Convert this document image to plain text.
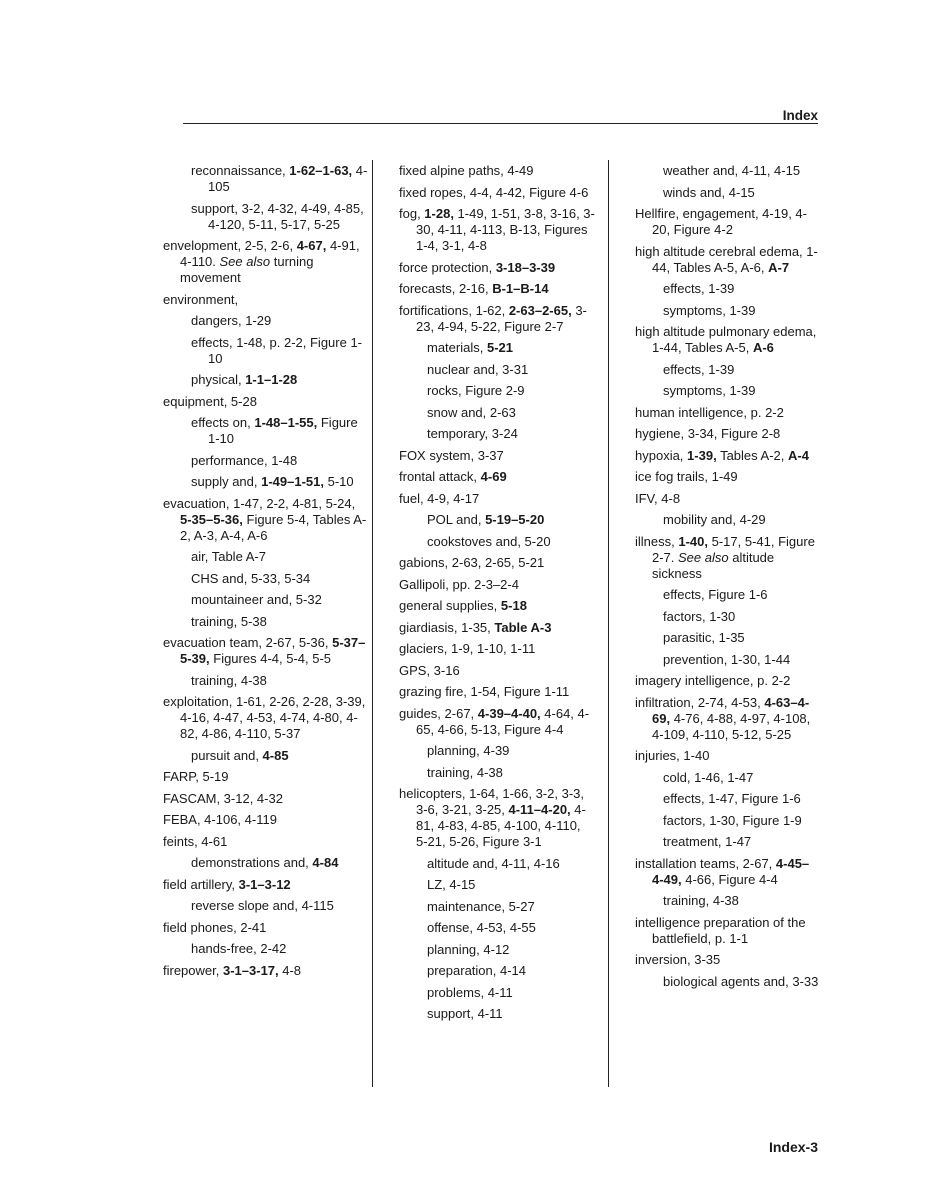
Index
reconnaissance, 1-62–1-63, 4-105
support, 3-2, 4-32, 4-49, 4-85, 4-120, 5-11, 5-17, 5-25
envelopment, 2-5, 2-6, 4-67, 4-91, 4-110. See also turning movement
environment,
dangers, 1-29
effects, 1-48, p. 2-2, Figure 1-10
physical, 1-1–1-28
equipment, 5-28
effects on, 1-48–1-55, Figure 1-10
performance, 1-48
supply and, 1-49–1-51, 5-10
evacuation, 1-47, 2-2, 4-81, 5-24, 5-35–5-36, Figure 5-4, Tables A-2, A-3, A-4, A-6
air, Table A-7
CHS and, 5-33, 5-34
mountaineer and, 5-32
training, 5-38
evacuation team, 2-67, 5-36, 5-37–5-39, Figures 4-4, 5-4, 5-5
training, 4-38
exploitation, 1-61, 2-26, 2-28, 3-39, 4-16, 4-47, 4-53, 4-74, 4-80, 4-82, 4-86, 4-110, 5-37
pursuit and, 4-85
FARP, 5-19
FASCAM, 3-12, 4-32
FEBA, 4-106, 4-119
feints, 4-61
demonstrations and, 4-84
field artillery, 3-1–3-12
reverse slope and, 4-115
field phones, 2-41
hands-free, 2-42
firepower, 3-1–3-17, 4-8
fixed alpine paths, 4-49
fixed ropes, 4-4, 4-42, Figure 4-6
fog, 1-28, 1-49, 1-51, 3-8, 3-16, 3-30, 4-11, 4-113, B-13, Figures 1-4, 3-1, 4-8
force protection, 3-18–3-39
forecasts, 2-16, B-1–B-14
fortifications, 1-62, 2-63–2-65, 3-23, 4-94, 5-22, Figure 2-7
materials, 5-21
nuclear and, 3-31
rocks, Figure 2-9
snow and, 2-63
temporary, 3-24
FOX system, 3-37
frontal attack, 4-69
fuel, 4-9, 4-17
POL and, 5-19–5-20
cookstoves and, 5-20
gabions, 2-63, 2-65, 5-21
Gallipoli, pp. 2-3–2-4
general supplies, 5-18
giardiasis, 1-35, Table A-3
glaciers, 1-9, 1-10, 1-11
GPS, 3-16
grazing fire, 1-54, Figure 1-11
guides, 2-67, 4-39–4-40, 4-64, 4-65, 4-66, 5-13, Figure 4-4
planning, 4-39
training, 4-38
helicopters, 1-64, 1-66, 3-2, 3-3, 3-6, 3-21, 3-25, 4-11–4-20, 4-81, 4-83, 4-85, 4-100, 4-110, 5-21, 5-26, Figure 3-1
altitude and, 4-11, 4-16
LZ, 4-15
maintenance, 5-27
offense, 4-53, 4-55
planning, 4-12
preparation, 4-14
problems, 4-11
support, 4-11
weather and, 4-11, 4-15
winds and, 4-15
Hellfire, engagement, 4-19, 4-20, Figure 4-2
high altitude cerebral edema, 1-44, Tables A-5, A-6, A-7
effects, 1-39
symptoms, 1-39
high altitude pulmonary edema, 1-44, Tables A-5, A-6
effects, 1-39
symptoms, 1-39
human intelligence, p. 2-2
hygiene, 3-34, Figure 2-8
hypoxia, 1-39, Tables A-2, A-4
ice fog trails, 1-49
IFV, 4-8
mobility and, 4-29
illness, 1-40, 5-17, 5-41, Figure 2-7. See also altitude sickness
effects, Figure 1-6
factors, 1-30
parasitic, 1-35
prevention, 1-30, 1-44
imagery intelligence, p. 2-2
infiltration, 2-74, 4-53, 4-63–4-69, 4-76, 4-88, 4-97, 4-108, 4-109, 4-110, 5-12, 5-25
injuries, 1-40
cold, 1-46, 1-47
effects, 1-47, Figure 1-6
factors, 1-30, Figure 1-9
treatment, 1-47
installation teams, 2-67, 4-45–4-49, 4-66, Figure 4-4
training, 4-38
intelligence preparation of the battlefield, p. 1-1
inversion, 3-35
biological agents and, 3-33
Index-3
